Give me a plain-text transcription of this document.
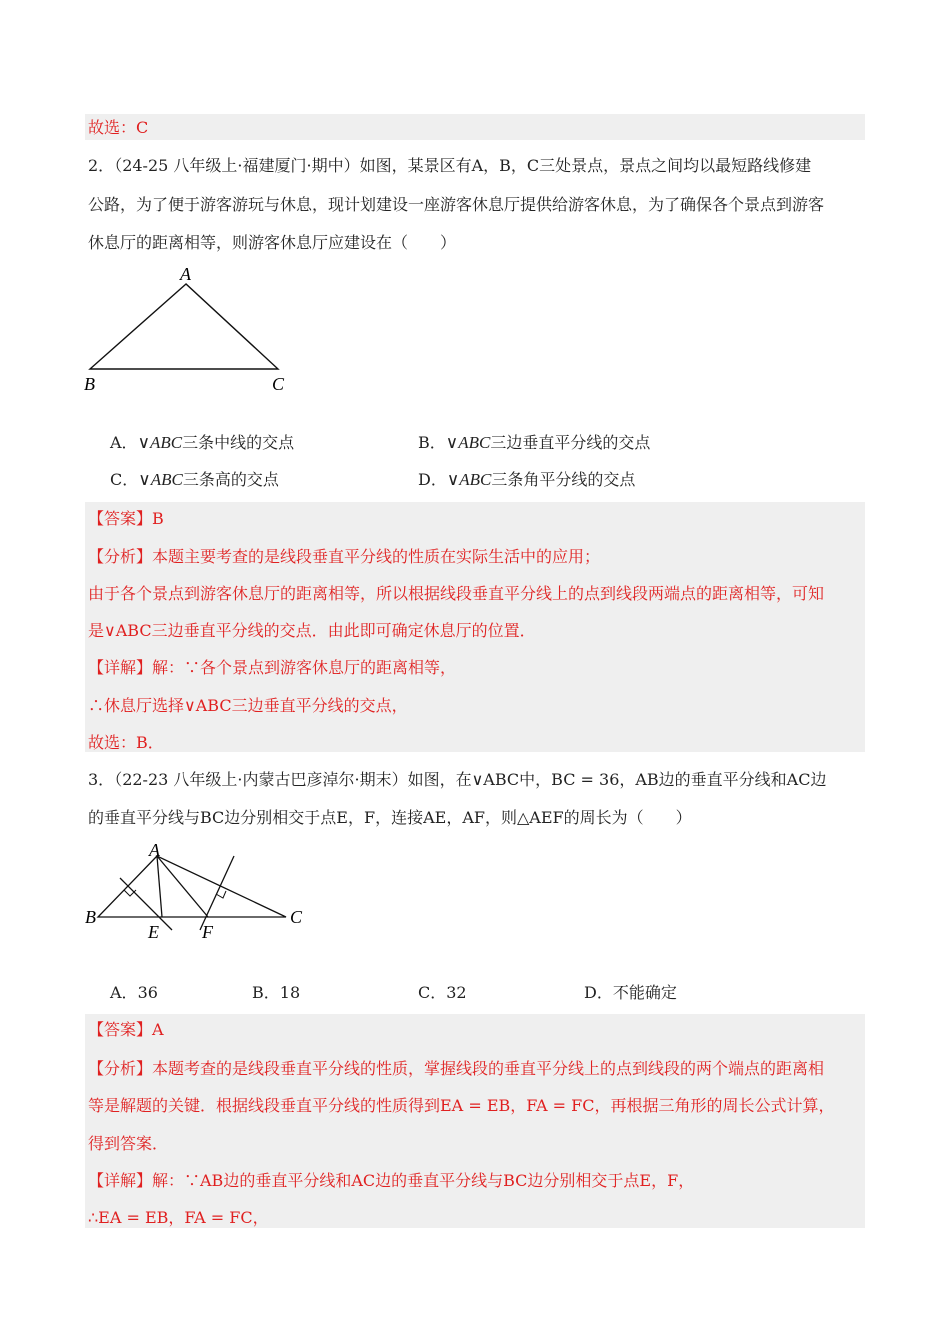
故选：C
2．（24-25 八年级上·福建厦门·期中）如图，某景区有A，B，C三处景点，景点之间均以最短路线修建
公路，为了便于游客游玩与休息，现计划建设一座游客休息厅提供给游客休息，为了确保各个景点到游客
休息厅的距离相等，则游客休息厅应建设在（　　）
A
B	C
A．∨ABC三条中线的交点	B．∨ABC三边垂直平分线的交点
C．∨ABC三条高的交点	D．∨ABC三条角平分线的交点
【答案】B
【分析】本题主要考查的是线段垂直平分线的性质在实际生活中的应用；
由于各个景点到游客休息厅的距离相等，所以根据线段垂直平分线上的点到线段两端点的距离相等，可知
是∨ABC三边垂直平分线的交点．由此即可确定休息厅的位置．
【详解】解：∵各个景点到游客休息厅的距离相等，
∴休息厅选择∨ABC三边垂直平分线的交点，
故选：B．
3．（22-23 八年级上·内蒙古巴彦淖尔·期末）如图，在∨ABC中，BC = 36，AB边的垂直平分线和AC边
的垂直平分线与BC边分别相交于点E，F，连接AE，AF，则△AEF的周长为（　　）
A
B	C
E F
A．36	B．18	C．32	D．不能确定
【答案】A
【分析】本题考查的是线段垂直平分线的性质，掌握线段的垂直平分线上的点到线段的两个端点的距离相
等是解题的关键．根据线段垂直平分线的性质得到EA = EB，FA = FC，再根据三角形的周长公式计算，
得到答案．
【详解】解：∵AB边的垂直平分线和AC边的垂直平分线与BC边分别相交于点E，F，
∴EA = EB，FA = FC，
